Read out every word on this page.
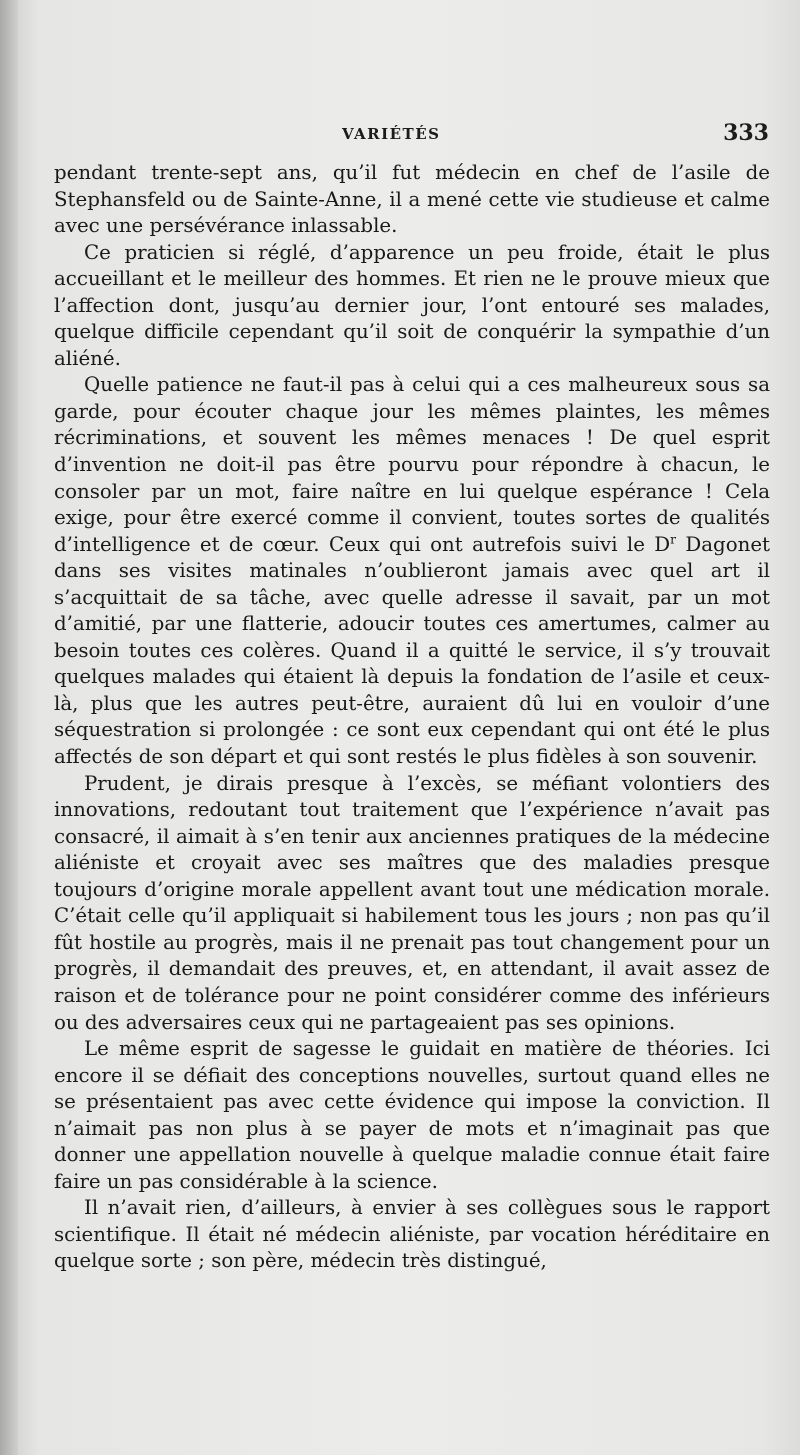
VARIÉTÉS	333

pendant trente-sept ans, qu’il fut médecin en chef de l’asile de Stephansfeld ou de Sainte-Anne, il a mené cette vie studieuse et calme avec une persévérance inlassable.

Ce praticien si réglé, d’apparence un peu froide, était le plus accueillant et le meilleur des hommes. Et rien ne le prouve mieux que l’affection dont, jusqu’au dernier jour, l’ont entouré ses malades, quelque difficile cependant qu’il soit de conquérir la sympathie d’un aliéné.

Quelle patience ne faut-il pas à celui qui a ces malheureux sous sa garde, pour écouter chaque jour les mêmes plaintes, les mêmes récriminations, et souvent les mêmes menaces ! De quel esprit d’invention ne doit-il pas être pourvu pour répondre à chacun, le consoler par un mot, faire naître en lui quelque espérance ! Cela exige, pour être exercé comme il convient, toutes sortes de qualités d’intelligence et de cœur. Ceux qui ont autrefois suivi le $D^r$ Dagonet dans ses visites matinales n’oublieront jamais avec quel art il s’acquittait de sa tâche, avec quelle adresse il savait, par un mot d’amitié, par une flatterie, adoucir toutes ces amertumes, calmer au besoin toutes ces colères. Quand il a quitté le service, il s’y trouvait quelques malades qui étaient là depuis la fondation de l’asile et ceux-là, plus que les autres peut-être, auraient dû lui en vouloir d’une séquestration si prolongée : ce sont eux cependant qui ont été le plus affectés de son départ et qui sont restés le plus fidèles à son souvenir.

Prudent, je dirais presque à l’excès, se méfiant volontiers des innovations, redoutant tout traitement que l’expérience n’avait pas consacré, il aimait à s’en tenir aux anciennes pratiques de la médecine aliéniste et croyait avec ses maîtres que des maladies presque toujours d’origine morale appellent avant tout une médication morale. C’était celle qu’il appliquait si habilement tous les jours ; non pas qu’il fût hostile au progrès, mais il ne prenait pas tout changement pour un progrès, il demandait des preuves, et, en attendant, il avait assez de raison et de tolérance pour ne point considérer comme des inférieurs ou des adversaires ceux qui ne partageaient pas ses opinions.

Le même esprit de sagesse le guidait en matière de théories. Ici encore il se défiait des conceptions nouvelles, surtout quand elles ne se présentaient pas avec cette évidence qui impose la conviction. Il n’aimait pas non plus à se payer de mots et n’imaginait pas que donner une appellation nouvelle à quelque maladie connue était faire faire un pas considérable à la science.

Il n’avait rien, d’ailleurs, à envier à ses collègues sous le rapport scientifique. Il était né médecin aliéniste, par vocation héréditaire en quelque sorte ; son père, médecin très distingué,
